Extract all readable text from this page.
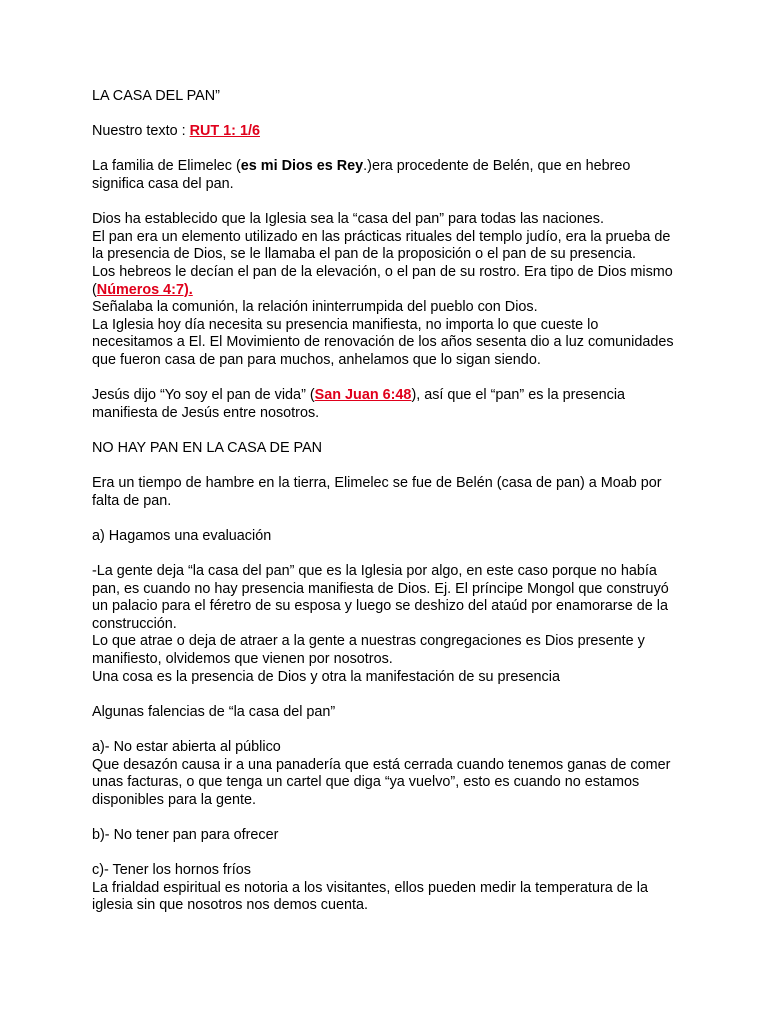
LA CASA DEL PAN”

Nuestro texto : RUT 1: 1/6

La familia de Elimelec (es mi Dios es Rey.)era procedente de Belén, que en hebreo significa casa del pan.

Dios ha establecido que la Iglesia sea la “casa del pan” para todas las naciones.

El pan era un elemento utilizado en las prácticas rituales del templo judío, era la prueba de la presencia de Dios, se le llamaba el pan de la proposición o el pan de su presencia.

Los hebreos le decían el pan de la elevación, o el pan de su rostro. Era tipo de Dios mismo (Números 4:7).

Señalaba la comunión, la relación ininterrumpida del pueblo con Dios.

La Iglesia hoy día necesita su presencia manifiesta, no importa lo que cueste lo necesitamos a El. El Movimiento de renovación de los años sesenta dio a luz comunidades que fueron casa de pan para muchos, anhelamos que lo sigan siendo.

Jesús dijo “Yo soy el pan de vida” (San Juan 6:48), así que el “pan” es la presencia manifiesta de Jesús entre nosotros.

NO HAY PAN EN LA CASA DE PAN

Era un tiempo de hambre en la tierra, Elimelec se fue de Belén (casa de pan) a Moab por falta de pan.

a) Hagamos una evaluación

-La gente deja “la casa del pan” que es la Iglesia por algo, en este caso porque no había pan, es cuando no hay presencia manifiesta de Dios. Ej. El príncipe Mongol que construyó un palacio para el féretro de su esposa y luego se deshizo del ataúd por enamorarse de la construcción.

Lo que atrae o deja de atraer a la gente a nuestras congregaciones es Dios presente y manifiesto, olvidemos que vienen por nosotros.

Una cosa es la presencia de Dios y otra la manifestación de su presencia

Algunas falencias de “la casa del pan”

a)- No estar abierta al público

Que desazón causa ir a una panadería que está cerrada cuando tenemos ganas de comer unas facturas, o que tenga un cartel que diga “ya vuelvo”, esto es cuando no estamos disponibles para la gente.

b)- No tener pan para ofrecer

c)- Tener los hornos fríos

La frialdad espiritual es notoria a los visitantes, ellos pueden medir la temperatura de la iglesia sin que nosotros nos demos cuenta.
